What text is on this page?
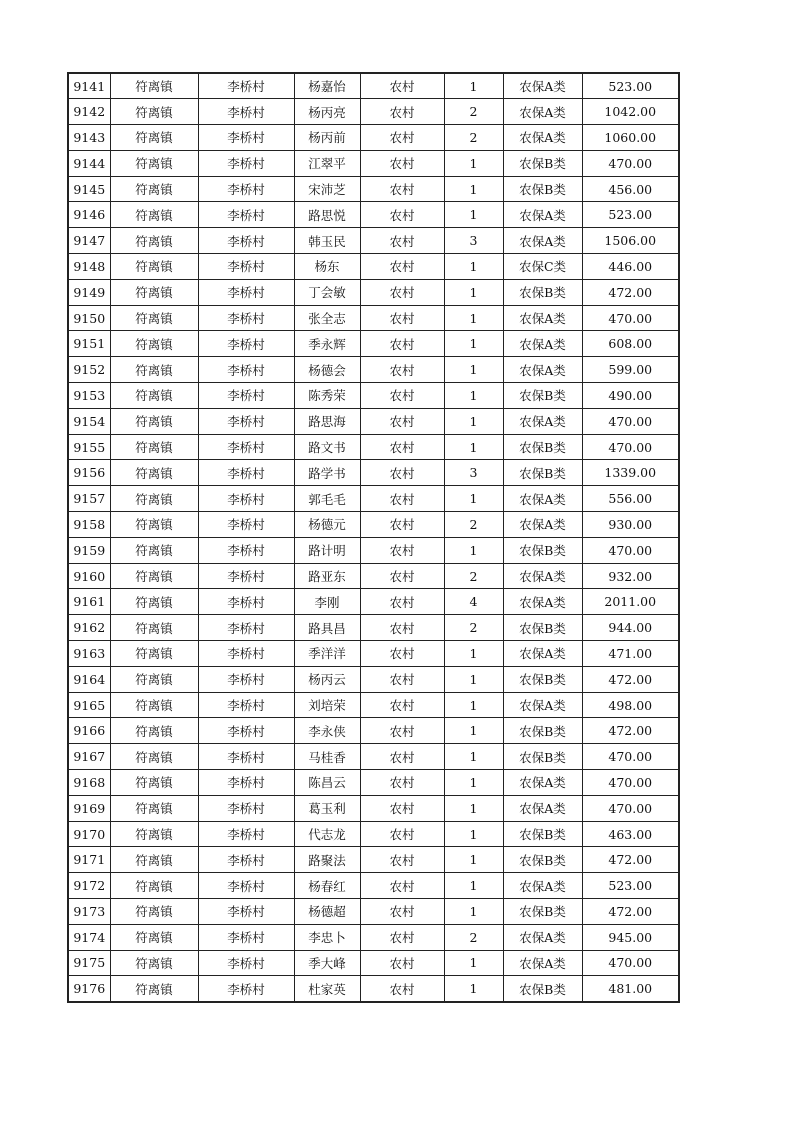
9141	符离镇	李桥村	杨嘉怡	农村	1	农保A类	523.00
9142	符离镇	李桥村	杨丙亮	农村	2	农保A类	1042.00
9143	符离镇	李桥村	杨丙前	农村	2	农保A类	1060.00
9144	符离镇	李桥村	江翠平	农村	1	农保B类	470.00
9145	符离镇	李桥村	宋沛芝	农村	1	农保B类	456.00
9146	符离镇	李桥村	路思悦	农村	1	农保A类	523.00
9147	符离镇	李桥村	韩玉民	农村	3	农保A类	1506.00
9148	符离镇	李桥村	杨东	农村	1	农保C类	446.00
9149	符离镇	李桥村	丁会敏	农村	1	农保B类	472.00
9150	符离镇	李桥村	张全志	农村	1	农保A类	470.00
9151	符离镇	李桥村	季永辉	农村	1	农保A类	608.00
9152	符离镇	李桥村	杨德会	农村	1	农保A类	599.00
9153	符离镇	李桥村	陈秀荣	农村	1	农保B类	490.00
9154	符离镇	李桥村	路思海	农村	1	农保A类	470.00
9155	符离镇	李桥村	路文书	农村	1	农保B类	470.00
9156	符离镇	李桥村	路学书	农村	3	农保B类	1339.00
9157	符离镇	李桥村	郭毛毛	农村	1	农保A类	556.00
9158	符离镇	李桥村	杨德元	农村	2	农保A类	930.00
9159	符离镇	李桥村	路计明	农村	1	农保B类	470.00
9160	符离镇	李桥村	路亚东	农村	2	农保A类	932.00
9161	符离镇	李桥村	李刚	农村	4	农保A类	2011.00
9162	符离镇	李桥村	路具昌	农村	2	农保B类	944.00
9163	符离镇	李桥村	季洋洋	农村	1	农保A类	471.00
9164	符离镇	李桥村	杨丙云	农村	1	农保B类	472.00
9165	符离镇	李桥村	刘培荣	农村	1	农保A类	498.00
9166	符离镇	李桥村	李永侠	农村	1	农保B类	472.00
9167	符离镇	李桥村	马桂香	农村	1	农保B类	470.00
9168	符离镇	李桥村	陈昌云	农村	1	农保A类	470.00
9169	符离镇	李桥村	葛玉利	农村	1	农保A类	470.00
9170	符离镇	李桥村	代志龙	农村	1	农保B类	463.00
9171	符离镇	李桥村	路聚法	农村	1	农保B类	472.00
9172	符离镇	李桥村	杨春红	农村	1	农保A类	523.00
9173	符离镇	李桥村	杨德超	农村	1	农保B类	472.00
9174	符离镇	李桥村	李忠卜	农村	2	农保A类	945.00
9175	符离镇	李桥村	季大峰	农村	1	农保A类	470.00
9176	符离镇	李桥村	杜家英	农村	1	农保B类	481.00
